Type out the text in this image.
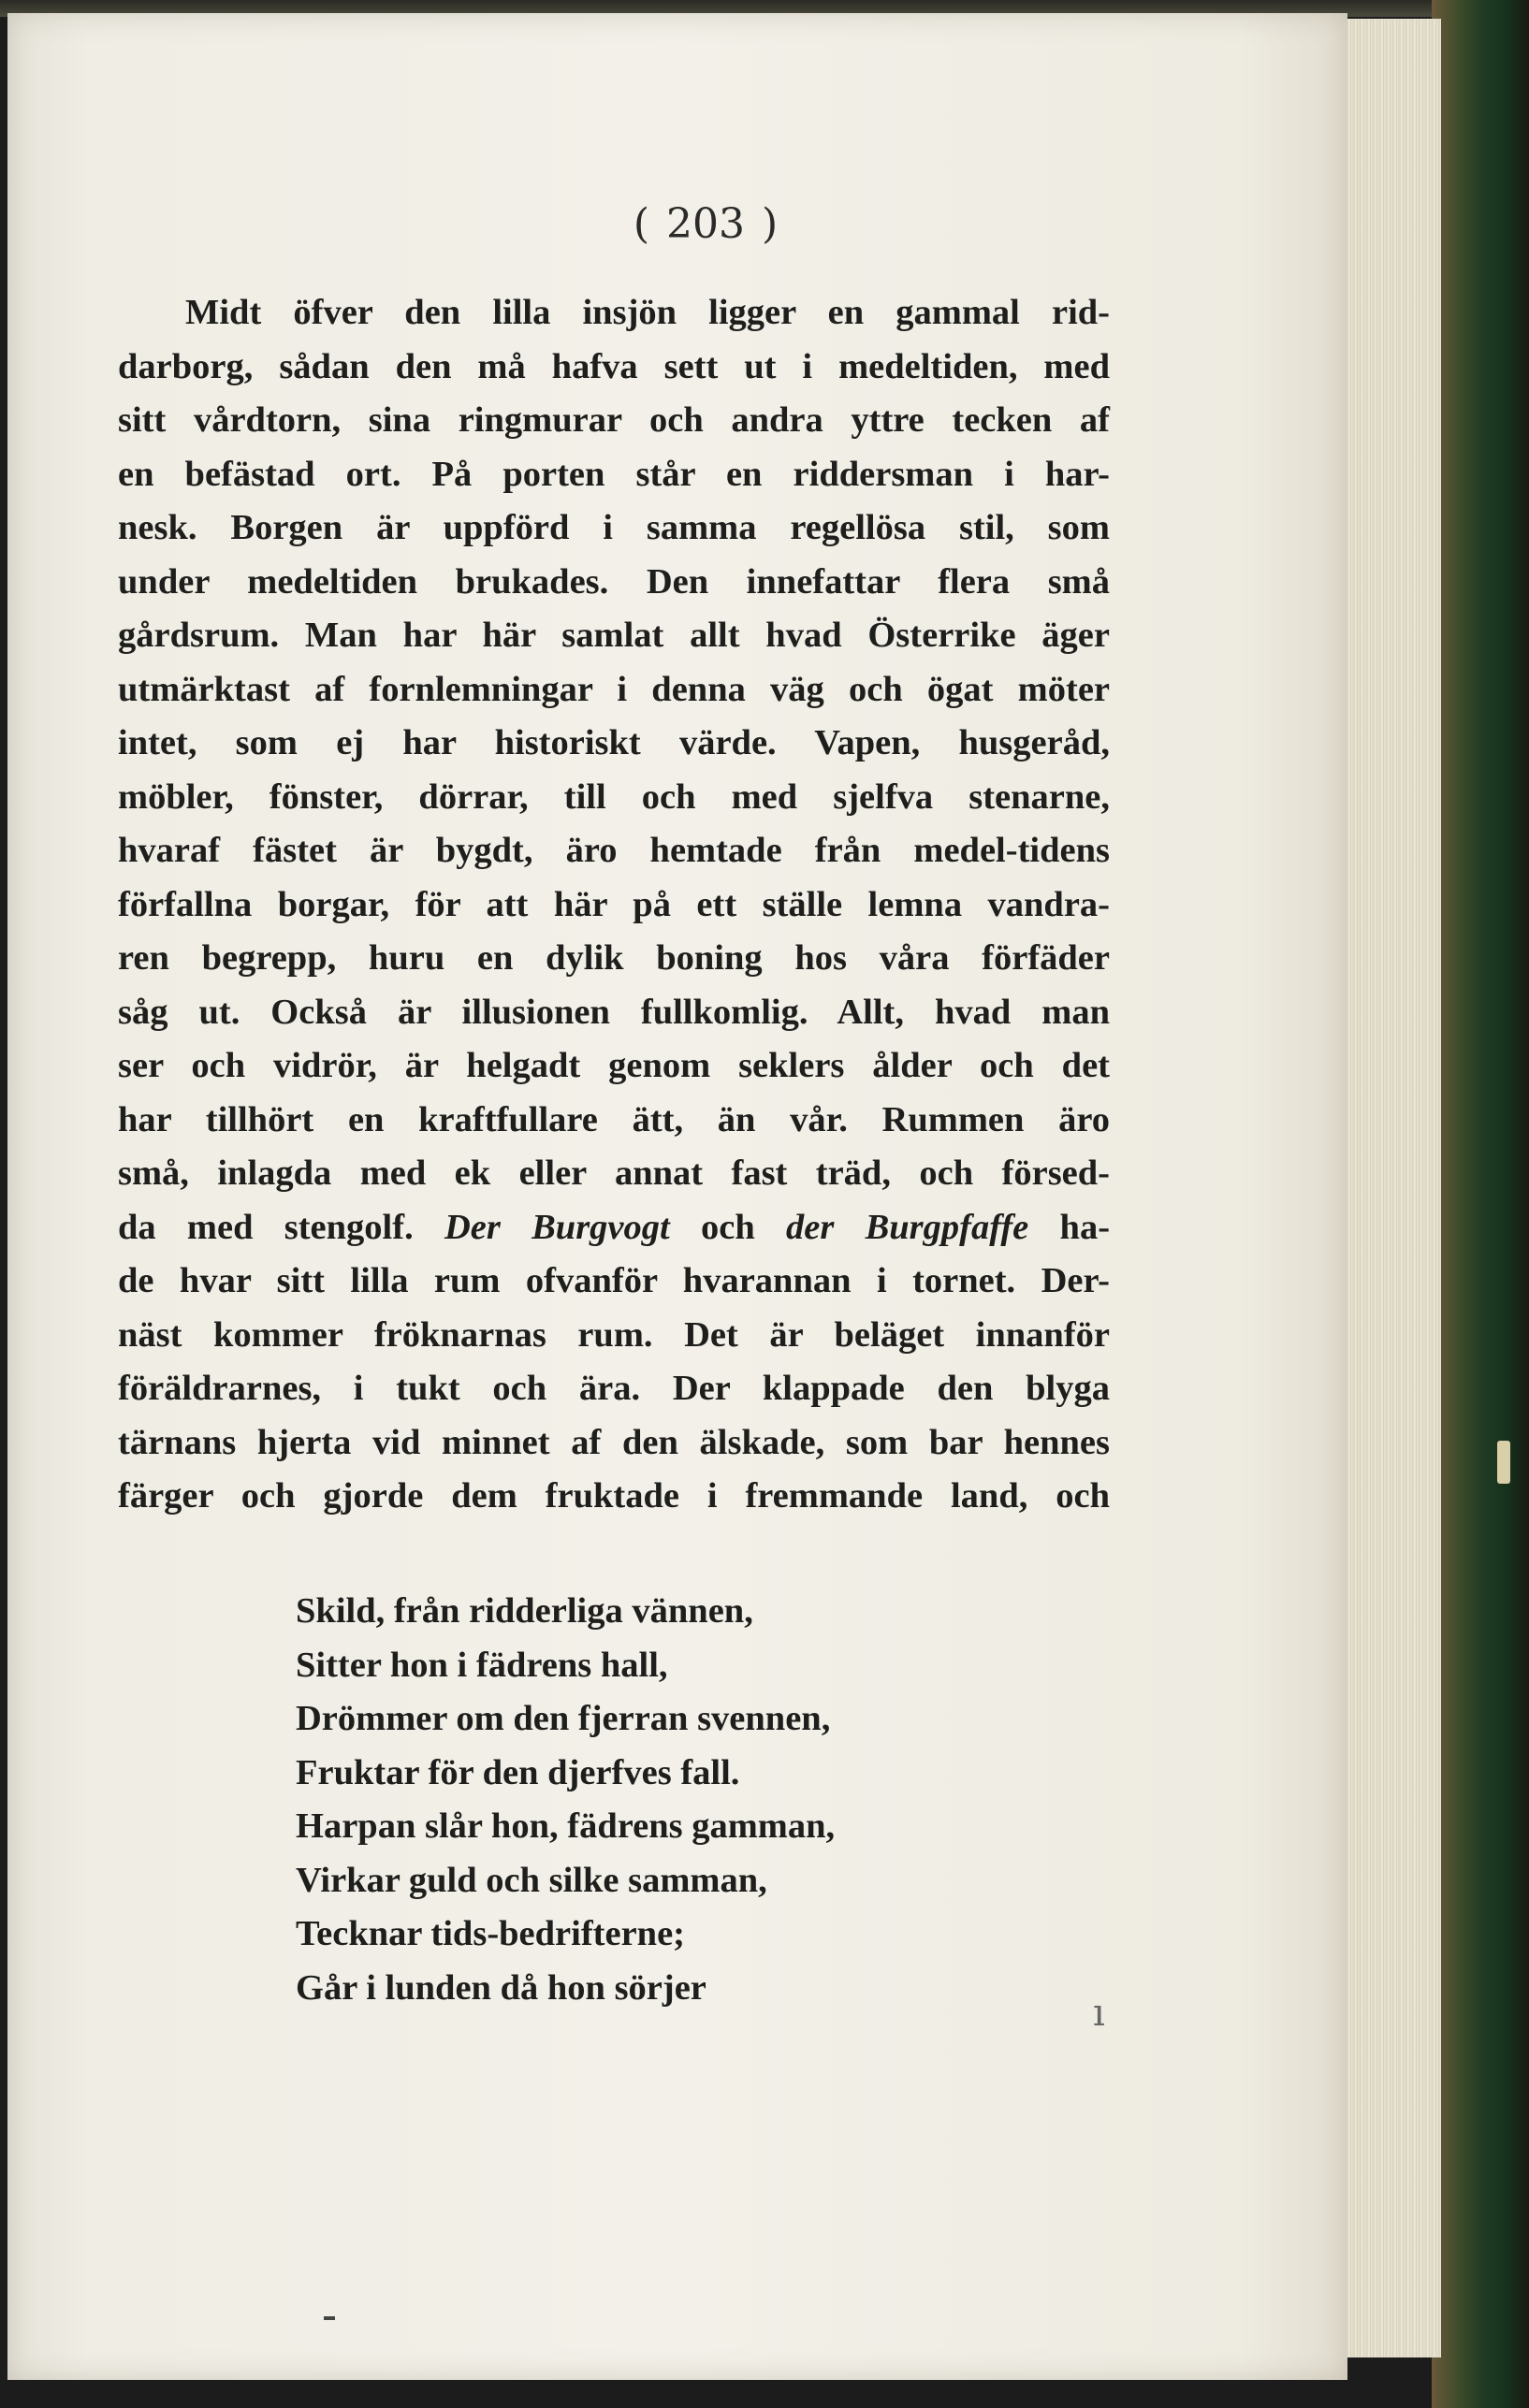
( 203 )
Midt öfver den lilla insjön ligger en gammal rid-
darborg, sådan den må hafva sett ut i medeltiden, med
sitt vårdtorn, sina ringmurar och andra yttre tecken af
en befästad ort. På porten står en riddersman i har-
nesk. Borgen är uppförd i samma regellösa stil, som
under medeltiden brukades. Den innefattar flera små
gårdsrum. Man har här samlat allt hvad Österrike äger
utmärktast af fornlemningar i denna väg och ögat möter
intet, som ej har historiskt värde. Vapen, husgeråd,
möbler, fönster, dörrar, till och med sjelfva stenarne,
hvaraf fästet är bygdt, äro hemtade från medel-tidens
förfallna borgar, för att här på ett ställe lemna vandra-
ren begrepp, huru en dylik boning hos våra förfäder
såg ut. Också är illusionen fullkomlig. Allt, hvad man
ser och vidrör, är helgadt genom seklers ålder och det
har tillhört en kraftfullare ätt, än vår. Rummen äro
små, inlagda med ek eller annat fast träd, och försed-
da med stengolf. Der Burgvogt och der Burgpfaffe ha-
de hvar sitt lilla rum ofvanför hvarannan i tornet. Der-
näst kommer fröknarnas rum. Det är beläget innanför
föräldrarnes, i tukt och ära. Der klappade den blyga
tärnans hjerta vid minnet af den älskade, som bar hennes
färger och gjorde dem fruktade i fremmande land, och
Skild, från ridderliga vännen,
Sitter hon i fädrens hall,
Drömmer om den fjerran svennen,
Fruktar för den djerfves fall.
Harpan slår hon, fädrens gamman,
Virkar guld och silke samman,
Tecknar tids-bedrifterne;
Går i lunden då hon sörjer
ı
